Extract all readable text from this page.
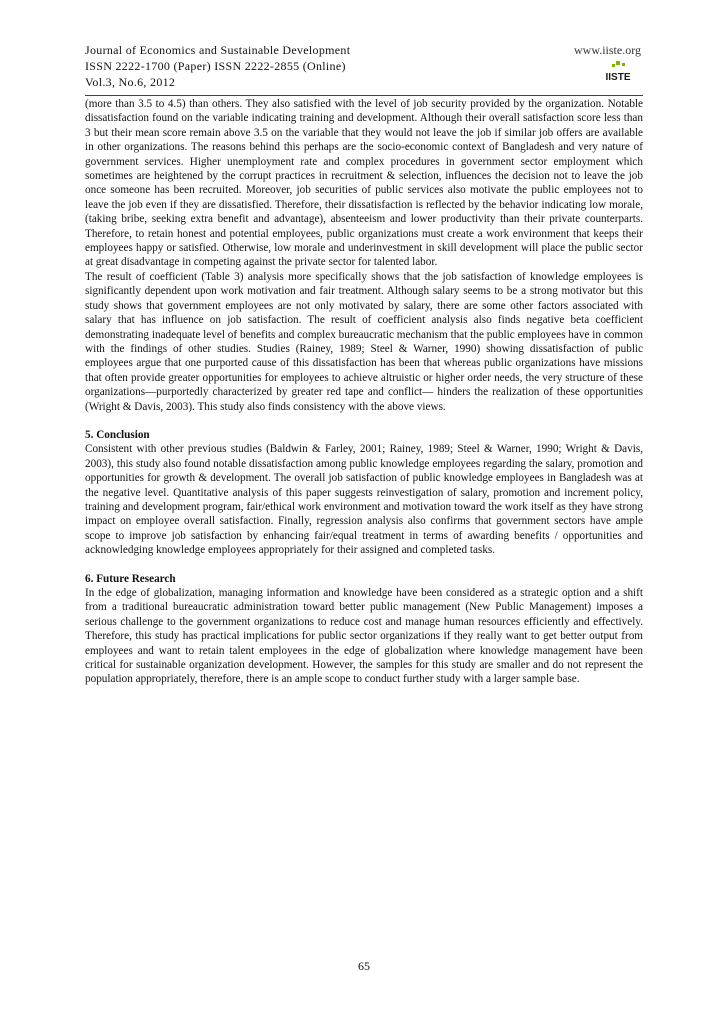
Journal of Economics and Sustainable Development
ISSN 2222-1700 (Paper) ISSN 2222-2855 (Online)
Vol.3, No.6, 2012
www.iiste.org
IISTE

(more than 3.5 to 4.5) than others. They also satisfied with the level of job security provided by the organization. Notable dissatisfaction found on the variable indicating training and development. Although their overall satisfaction score less than 3 but their mean score remain above 3.5 on the variable that they would not leave the job if similar job offers are available in other organizations. The reasons behind this perhaps are the socio-economic context of Bangladesh and very nature of government services. Higher unemployment rate and complex procedures in government sector employment which sometimes are heightened by the corrupt practices in recruitment & selection, influences the decision not to leave the job once someone has been recruited. Moreover, job securities of public services also motivate the public employees not to leave the job even if they are dissatisfied. Therefore, their dissatisfaction is reflected by the behavior indicating low morale,(taking bribe, seeking extra benefit and advantage), absenteeism and lower productivity than their private counterparts. Therefore, to retain honest and potential employees, public organizations must create a work environment that keeps their employees happy or satisfied. Otherwise, low morale and underinvestment in skill development will place the public sector at great disadvantage in competing against the private sector for talented labor.

The result of coefficient (Table 3) analysis more specifically shows that the job satisfaction of knowledge employees is significantly dependent upon work motivation and fair treatment. Although salary seems to be a strong motivator but this study shows that government employees are not only motivated by salary, there are some other factors associated with salary that has influence on job satisfaction. The result of coefficient analysis also finds negative beta coefficient demonstrating inadequate level of benefits and complex bureaucratic mechanism that the public employees have in common with the findings of other studies. Studies (Rainey, 1989; Steel & Warner, 1990) showing dissatisfaction of public employees argue that one purported cause of this dissatisfaction has been that whereas public organizations have missions that often provide greater opportunities for employees to achieve altruistic or higher order needs, the very structure of these organizations—purportedly characterized by greater red tape and conflict— hinders the realization of these opportunities (Wright & Davis, 2003). This study also finds consistency with the above views.

5. Conclusion

Consistent with other previous studies (Baldwin & Farley, 2001; Rainey, 1989; Steel & Warner, 1990; Wright & Davis, 2003), this study also found notable dissatisfaction among public knowledge employees regarding the salary, promotion and opportunities for growth & development. The overall job satisfaction of public knowledge employees in Bangladesh was at the negative level. Quantitative analysis of this paper suggests reinvestigation of salary, promotion and increment policy, training and development program, fair/ethical work environment and motivation toward the work itself as they have strong impact on employee overall satisfaction. Finally, regression analysis also confirms that government sectors have ample scope to improve job satisfaction by enhancing fair/equal treatment in terms of awarding benefits / opportunities and acknowledging knowledge employees appropriately for their assigned and completed tasks.

6. Future Research

In the edge of globalization, managing information and knowledge have been considered as a strategic option and a shift from a traditional bureaucratic administration toward better public management (New Public Management) imposes a serious challenge to the government organizations to reduce cost and manage human resources efficiently and effectively. Therefore, this study has practical implications for public sector organizations if they really want to get better output from employees and want to retain talent employees in the edge of globalization where knowledge management have been critical for sustainable organization development. However, the samples for this study are smaller and do not represent the population appropriately, therefore, there is an ample scope to conduct further study with a larger sample base.

65
